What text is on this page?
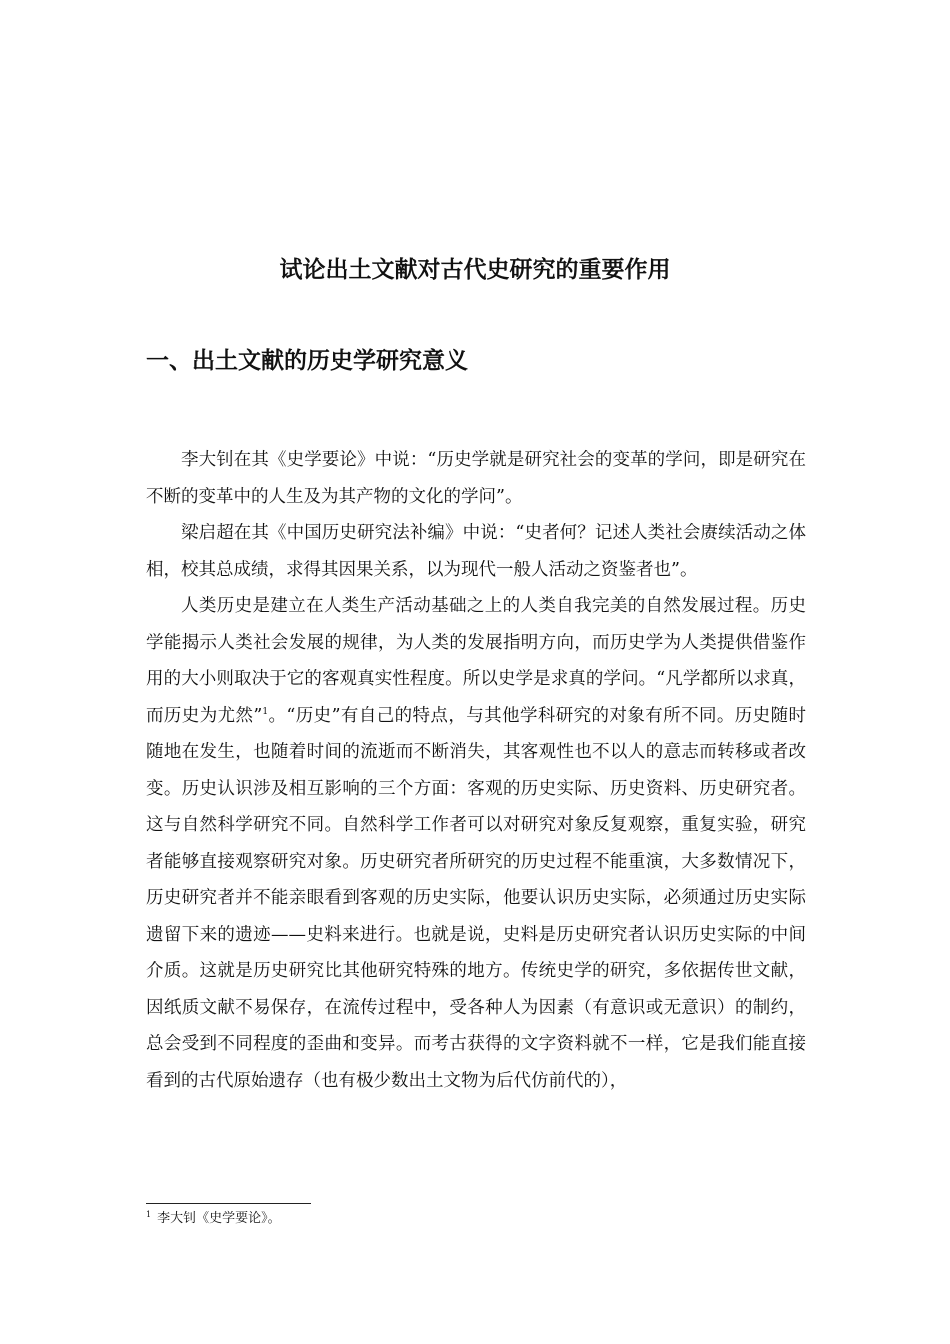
试论出土文献对古代史研究的重要作用
一、出土文献的历史学研究意义

李大钊在其《史学要论》中说：“历史学就是研究社会的变革的学问，即是研究在不断的变革中的人生及为其产物的文化的学问”。

梁启超在其《中国历史研究法补编》中说：“史者何？记述人类社会赓续活动之体相，校其总成绩，求得其因果关系，以为现代一般人活动之资鉴者也”。

人类历史是建立在人类生产活动基础之上的人类自我完美的自然发展过程。历史学能揭示人类社会发展的规律，为人类的发展指明方向，而历史学为人类提供借鉴作用的大小则取决于它的客观真实性程度。所以史学是求真的学问。“凡学都所以求真，而历史为尤然”$^1$。“历史”有自己的特点，与其他学科研究的对象有所不同。历史随时随地在发生，也随着时间的流逝而不断消失，其客观性也不以人的意志而转移或者改变。历史认识涉及相互影响的三个方面：客观的历史实际、历史资料、历史研究者。这与自然科学研究不同。自然科学工作者可以对研究对象反复观察，重复实验，研究者能够直接观察研究对象。历史研究者所研究的历史过程不能重演，大多数情况下，历史研究者并不能亲眼看到客观的历史实际，他要认识历史实际，必须通过历史实际遗留下来的遗迹——史料来进行。也就是说，史料是历史研究者认识历史实际的中间介质。这就是历史研究比其他研究特殊的地方。传统史学的研究，多依据传世文献，因纸质文献不易保存，在流传过程中，受各种人为因素（有意识或无意识）的制约，总会受到不同程度的歪曲和变异。而考古获得的文字资料就不一样，它是我们能直接看到的古代原始遗存（也有极少数出土文物为后代仿前代的），

$^1$ 李大钊《史学要论》。
